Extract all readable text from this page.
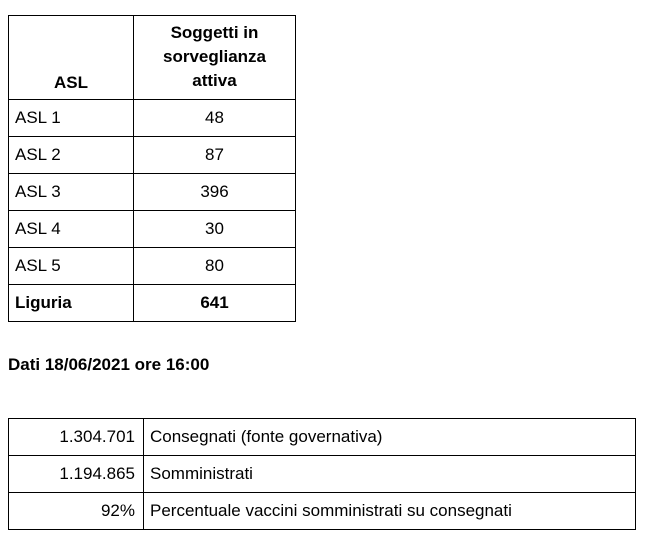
ASL	Soggetti in sorveglianza attiva
ASL 1	48
ASL 2	87
ASL 3	396
ASL 4	30
ASL 5	80
Liguria	641
Dati 18/06/2021 ore 16:00
1.304.701	Consegnati (fonte governativa)
1.194.865	Somministrati
92%	Percentuale vaccini somministrati su consegnati
